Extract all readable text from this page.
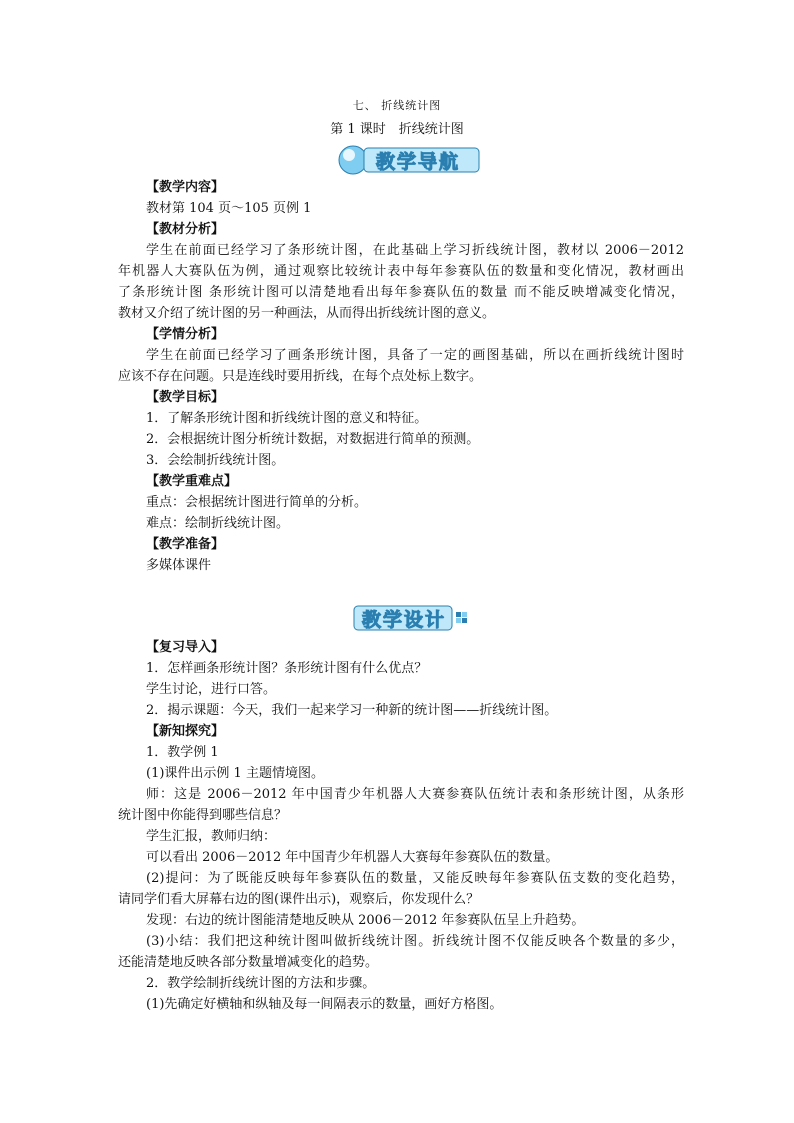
七、 折线统计图
第 1 课时　折线统计图
教学导航
【教学内容】
教材第 104 页～105 页例 1
【教材分析】
学生在前面已经学习了条形统计图，在此基础上学习折线统计图，教材以 2006－2012
年机器人大赛队伍为例，通过观察比较统计表中每年参赛队伍的数量和变化情况，教材画出
了条形统计图 条形统计图可以清楚地看出每年参赛队伍的数量 而不能反映增减变化情况，
教材又介绍了统计图的另一种画法，从而得出折线统计图的意义。
【学情分析】
学生在前面已经学习了画条形统计图，具备了一定的画图基础，所以在画折线统计图时
应该不存在问题。只是连线时要用折线，在每个点处标上数字。
【教学目标】
1．了解条形统计图和折线统计图的意义和特征。
2．会根据统计图分析统计数据，对数据进行简单的预测。
3．会绘制折线统计图。
【教学重难点】
重点：会根据统计图进行简单的分析。
难点：绘制折线统计图。
【教学准备】
多媒体课件
教学设计
【复习导入】
1．怎样画条形统计图？条形统计图有什么优点？
学生讨论，进行口答。
2．揭示课题：今天，我们一起来学习一种新的统计图——折线统计图。
【新知探究】
1．教学例 1
(1)课件出示例 1 主题情境图。
师：这是 2006－2012 年中国青少年机器人大赛参赛队伍统计表和条形统计图，从条形
统计图中你能得到哪些信息？
学生汇报，教师归纳：
可以看出 2006－2012 年中国青少年机器人大赛每年参赛队伍的数量。
(2)提问：为了既能反映每年参赛队伍的数量，又能反映每年参赛队伍支数的变化趋势，
请同学们看大屏幕右边的图(课件出示)，观察后，你发现什么？
发现：右边的统计图能清楚地反映从 2006－2012 年参赛队伍呈上升趋势。
(3)小结：我们把这种统计图叫做折线统计图。折线统计图不仅能反映各个数量的多少，
还能清楚地反映各部分数量增减变化的趋势。
2．教学绘制折线统计图的方法和步骤。
(1)先确定好横轴和纵轴及每一间隔表示的数量，画好方格图。
